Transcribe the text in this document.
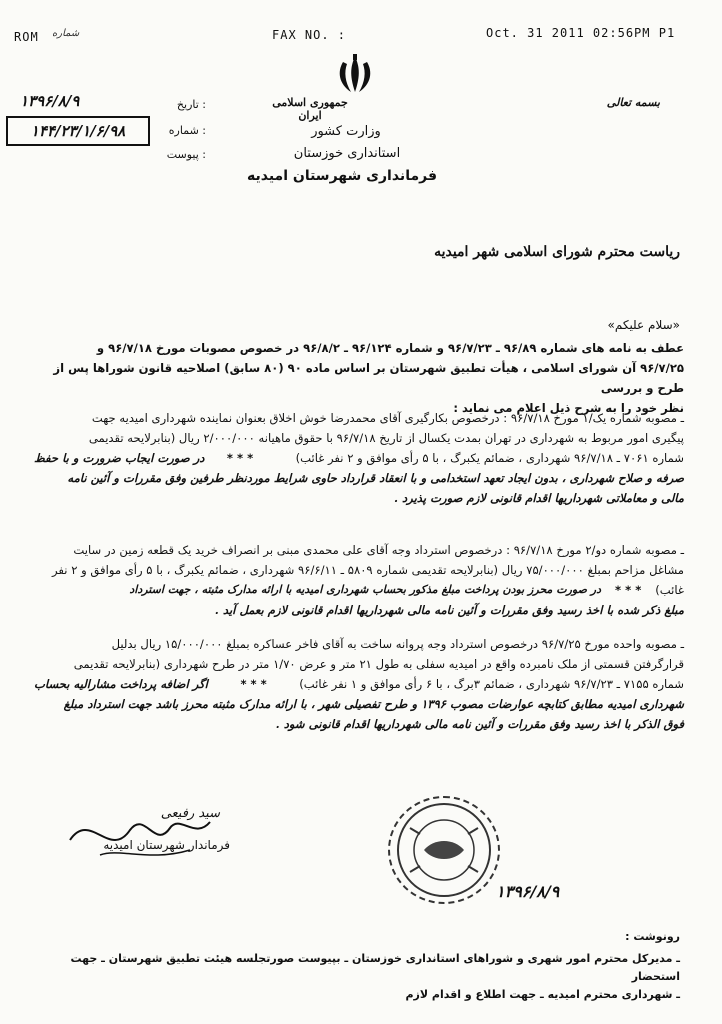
ROM	FAX NO. :	Oct. 31 2011 02:56PM P1
شماره
جمهوری اسلامی ایران
وزارت کشور
استانداری خوزستان
فرمانداری شهرستان امیدیه
بسمه تعالی
: تاریخ
۱۳۹۶/۸/۹
: شماره
۱۴۴/۲۳/۱/۶/۹۸
: پیوست
ریاست محترم شورای اسلامی شهر امیدیه
«سلام علیکم»
عطف به نامه های شماره ۹۶/۸۹ ـ ۹۶/۷/۲۳ و شماره ۹۶/۱۲۴ ـ ۹۶/۸/۲ در خصوص مصوبات مورخ ۹۶/۷/۱۸ و
۹۶/۷/۲۵ آن شورای اسلامی ، هیأت تطبیق شهرستان بر اساس ماده ۹۰ (۸۰ سابق) اصلاحیه قانون شوراها پس از طرح و بررسی
نظر خود را به شرح ذیل اعلام می نماید :
ـ مصوبه شماره یک/۱ مورخ ۹۶/۷/۱۸ : درخصوص بکارگیری آقای محمدرضا خوش اخلاق بعنوان نماینده شهرداری امیدیه جهت
پیگیری امور مربوط به شهرداری در تهران بمدت یکسال از تاریخ ۹۶/۷/۱۸ با حقوق ماهیانه ۲/۰۰۰/۰۰۰ ریال (بنابرلایحه تقدیمی
شماره ۷۰۶۱ ـ ۹۶/۷/۱۸ شهرداری ، ضمائم یکبرگ ، با ۵ رأی موافق و ۲ نفر غائب)
* * *
در صورت ایجاب ضرورت و با حفظ
صرفه و صلاح شهرداری ، بدون ایجاد تعهد استخدامی و با انعقاد قرارداد حاوی شرایط موردنظر طرفین وفق مقررات و آئین نامه
مالی و معاملاتی شهرداریها اقدام قانونی لازم صورت پذیرد .
ـ مصوبه شماره دو/۲ مورخ ۹۶/۷/۱۸ : درخصوص استرداد وجه آقای علی محمدی مبنی بر انصراف خرید یک قطعه زمین در سایت
مشاغل مزاحم بمبلغ ۷۵/۰۰۰/۰۰۰ ریال (بنابرلایحه تقدیمی شماره ۵۸۰۹ ـ ۹۶/۶/۱۱ شهرداری ، ضمائم یکبرگ ، با ۵ رأی موافق و ۲ نفر
غائب)
* * *
در صورت محرز بودن پرداخت مبلغ مذکور بحساب شهرداری امیدیه با ارائه مدارک مثبته ، جهت استرداد
مبلغ ذکر شده با اخذ رسید وفق مقررات و آئین نامه مالی شهرداریها اقدام قانونی لازم بعمل آید .
ـ مصوبه واحده مورخ ۹۶/۷/۲۵ درخصوص استرداد وجه پروانه ساخت به آقای فاخر عساکره بمبلغ ۱۵/۰۰۰/۰۰۰ ریال بدلیل
قرارگرفتن قسمتی از ملک نامبرده واقع در امیدیه سفلی به طول ۲۱ متر و عرض ۱/۷۰ متر در طرح شهرداری (بنابرلایحه تقدیمی
شماره ۷۱۵۵ ـ ۹۶/۷/۲۳ شهرداری ، ضمائم ۳برگ ، با ۶ رأی موافق و ۱ نفر غائب)
* * *
اگر اضافه پرداخت مشارالیه بحساب
شهرداری امیدیه مطابق کتابچه عوارضات مصوب ۱۳۹۶ و طرح تفصیلی شهر ، با ارائه مدارک مثبته محرز باشد جهت استرداد مبلغ
فوق الذکر با اخذ رسید وفق مقررات و آئین نامه مالی شهرداریها اقدام قانونی شود .
سید رفیعی
فرماندار شهرستان امیدیه
۱۳۹۶/۸/۹
رونوشت :
ـ مدیرکل محترم امور شهری و شوراهای استانداری خوزستان ـ بپیوست صورتجلسه هیئت تطبیق شهرستان ـ جهت استحضار
ـ شهرداری محترم امیدیه ـ جهت اطلاع و اقدام لازم
